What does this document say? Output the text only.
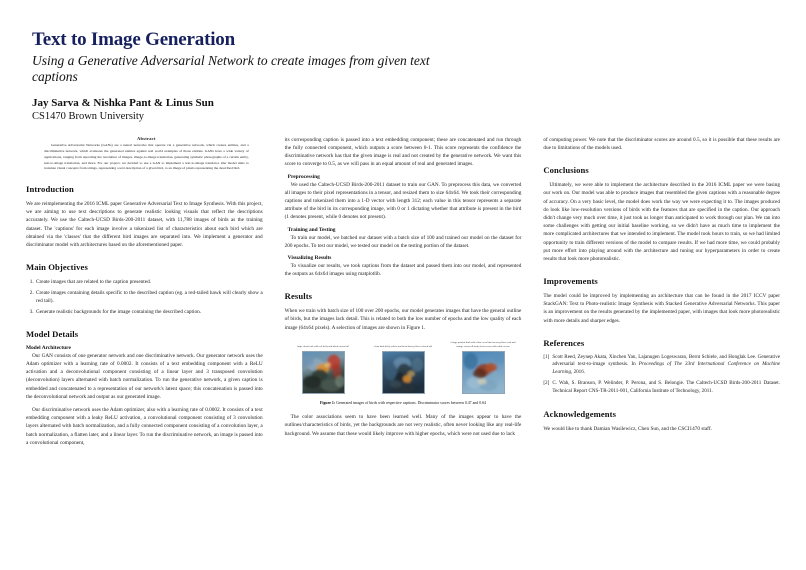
Text to Image Generation
Using a Generative Adversarial Network to create images from given text captions
Jay Sarva & Nishka Pant & Linus Sun
CS1470 Brown University
Abstract
Generative Adversarial Networks (GANs) are a neural networks that operate via a generative network, which creates entities, and a discriminative network, which evaluates the generated entities against real world examples of those entities. GANs have a wide variety of applications, ranging from upscaling the resolution of images, image-to-image translation, generating synthetic photographs of a certain entity, text-to-image translation, and more. For our project, we decided to use a GAN to implement a text-to-image translator. Our model aims to translate visual concepts from strings, representing a text description of a given bird, to an image of pixels representing the described bird.
Introduction

We are reimplementing the 2016 ICML paper Generative Adversarial Text to Image Synthesis. With this project, we are aiming to use text descriptions to generate realistic looking visuals that reflect the descriptions accurately. We use the Caltech-UCSD Birds-200-2011 dataset, with 11,788 images of birds as the training dataset. The 'captions' for each image involve a tokenized list of characteristics about each bird which are obtained via the 'classes' that the different bird images are separated into. We implement a generator and discriminator model with architectures based on the aforementioned paper.

Main Objectives
1. Create images that are related to the caption presented.
2. Create images containing details specific to the described caption (eg. a red-tailed hawk will clearly show a red tail).
3. Generate realistic backgrounds for the image containing the described caption.
Model Details
Model Architecture

Our GAN consists of one generator network and one discriminative network. Our generator network uses the Adam optimizer with a learning rate of 0.0002. It consists of a text embedding component with a ReLU activation and a deconvolutional component consisting of a linear layer and 3 transposed convolution (deconvolution) layers alternated with batch normalization. To run the generative network, a given caption is embedded and concatenated to a representation of our network's latent space; this concatenation is passed into the deconvolutional network and output as our generated image.

Our discriminative network uses the Adam optimizer, also with a learning rate of 0.0002. It consists of a text embedding component with a leaky ReLU activation, a convolutional component consisting of 3 convolution layers alternated with batch normalization, and a fully connected component consisting of a convolution layer, a batch normalization, a flatten later, and a linear layer. To run the discriminative network, an image is passed into a convolutional component,

its corresponding caption is passed into a text embedding component; these are concatenated and run through the fully connected component, which outputs a score between 0-1. This score represents the confidence the discriminative network has that the given image is real and not created by the generative network. We want this score to converge to 0.5, as we will pass in an equal amount of real and generated images.

Preprocessing

We used the Caltech-UCSD Birds-200-2011 dataset to train our GAN. To preprocess this data, we converted all images to their pixel representations in a tensor, and resized them to size 64x64. We took their corresponding captions and tokenized them into a 1-D vector with length 312; each value in this tensor represents a separate attribute of the bird in its corresponding image, with 0 or 1 dictating whether that attribute is present in the bird (1 denotes present, while 0 denotes not present).

Training and Testing

To train our model, we batched our dataset with a batch size of 100 and trained our model on the dataset for 200 epochs. To test our model, we tested our model on the testing portion of the dataset.

Visualizing Results

To visualize our results, we took captions from the dataset and passed them into our model, and represented the outputs as 64x64 images using matplotlib.

Results

When we train with batch size of 100 over 200 epochs, our model generates images that have the general outline of birds, but the images lack detail. This is related to both the low number of epochs and the low quality of each image (64x64 pixels). A selection of images are shown in Figure 1.

large clean beak with red belly and black crown tail	clean dark belly yellow and beak short yellow colored tail
a large pointed bird with a blue crest blue breast yellow neck and orange crown all body clean crown with white crown
Figure 1: Generated images of birds with respective captions. Discriminator scores between 0.47 and 0.64

The color associations seem to have been learned well. Many of the images appear to have the outlines/characteristics of birds, yet the backgrounds are not very realistic, often never looking like any real-life background. We assume that these would likely improve with higher epochs, which were not used due to lack

of computing power. We note that the discriminator scores are around 0.5, so it is possible that these results are due to limitations of the models used.

Conclusions

Ultimately, we were able to implement the architecture described in the 2016 ICML paper we were basing our work on. Our model was able to produce images that resembled the given captions with a reasonable degree of accuracy. On a very basic level, the model does work the way we were expecting it to. The images produced do look like low-resolution versions of birds with the features that are specified in the caption. Our approach didn't change very much over time, it just took us longer than anticipated to work through our plan. We ran into some challenges with getting our initial baseline working, so we didn't have as much time to implement the more complicated architectures that we intended to implement. The model took hours to train, so we had limited opportunity to train different versions of the model to compare results. If we had more time, we could probably put more effort into playing around with the architecture and tuning our hyperparameters in order to create results that look more photorealistic.

Improvements

The model could be improved by implementing an architecture that can be found in the 2017 ICCV paper StackGAN: Text to Photo-realistic Image Synthesis with Stacked Generative Adversarial Networks. This paper is an improvement on the results generated by the implemented paper, with images that look more photorealistic with more details and sharper edges.

References
[1] Scott Reed, Zeynep Akata, Xinchen Yan, Lajanugen Logeswaran, Bernt Schiele, and Honglak Lee. Generative adversarial text-to-image synthesis. In Proceedings of The 33rd International Conference on Machine Learning, 2016.
[2] C. Wah, S. Branson, P. Welinder, P. Perona, and S. Belongie. The Caltech-UCSD Birds-200-2011 Dataset. Technical Report CNS-TR-2011-001, California Institute of Technology, 2011.
Acknowledgements
We would like to thank Damian Wasilewicz, Chen Sun, and the CSCI1470 staff.
